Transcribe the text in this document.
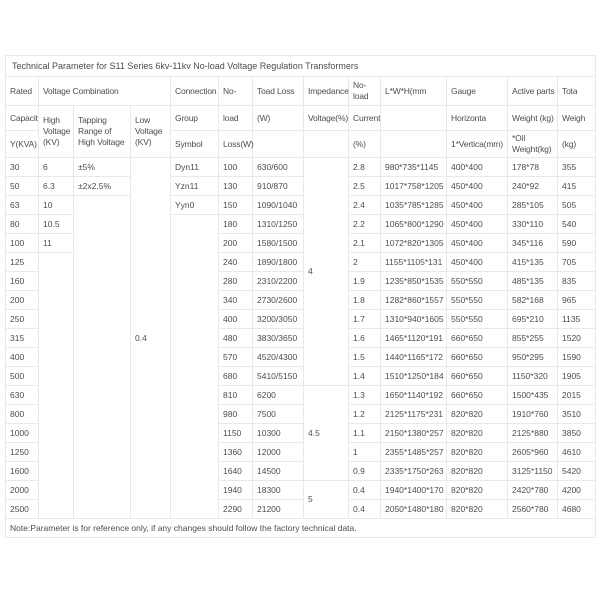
Technical Parameter for S11 Series 6kv-11kv No-load Voltage Regulation Transformers												
Rated	Voltage Combination			Connection	No-	Toad Loss	Impedance	No-load	L*W*H(mm	Gauge	Active parts	Tota
Capacit	High Voltage (KV)	Tapping Range of High Voltage	Low Voltage (KV)	Group	load	(W)	Voltage(%)	Current		Horizonta	Weight (kg)	Weigh
Y(KVA)				Symbol	Loss(W)			(%)		1*Vertica(mm)	*Oil Weight(kg)	(kg)
30	6	±5%	0.4	Dyn11	100	630/600	4	2.8	980*735*1145	400*400	178*78	355
50	6.3	±2x2.5%		Yzn11	130	910/870		2.5	1017*758*1205	450*400	240*92	415
63	10			Yyn0	150	1090/1040		2.4	1035*785*1285	450*400	285*105	505
80	10.5				180	1310/1250		2.2	1065*800*1290	450*400	330*110	540
100	11				200	1580/1500		2.1	1072*820*1305	450*400	345*116	590
125					240	1890/1800		2	1155*1105*131	450*400	415*135	705
160					280	2310/2200		1.9	1235*850*1535	550*550	485*135	835
200					340	2730/2600		1.8	1282*860*1557	550*550	582*168	965
250					400	3200/3050		1.7	1310*940*1605	550*550	695*210	1135
315					480	3830/3650		1.6	1465*1120*191	660*650	855*255	1520
400					570	4520/4300		1.5	1440*1165*172	660*650	950*295	1590
500					680	5410/5150		1.4	1510*1250*184	660*650	1150*320	1905
630					810	6200	4.5	1.3	1650*1140*192	660*650	1500*435	2015
800					980	7500		1.2	2125*1175*231	820*820	1910*760	3510
1000					1150	10300		1.1	2150*1380*257	820*820	2125*880	3850
1250					1360	12000		1	2355*1485*257	820*820	2605*960	4610
1600					1640	14500		0.9	2335*1750*263	820*820	3125*1150	5420
2000					1940	18300	5	0.4	1940*1400*170	820*820	2420*780	4200
2500					2290	21200		0.4	2050*1480*180	820*820	2560*780	4680
Note:Parameter is for reference only, if any changes should follow the factory technical data.												
